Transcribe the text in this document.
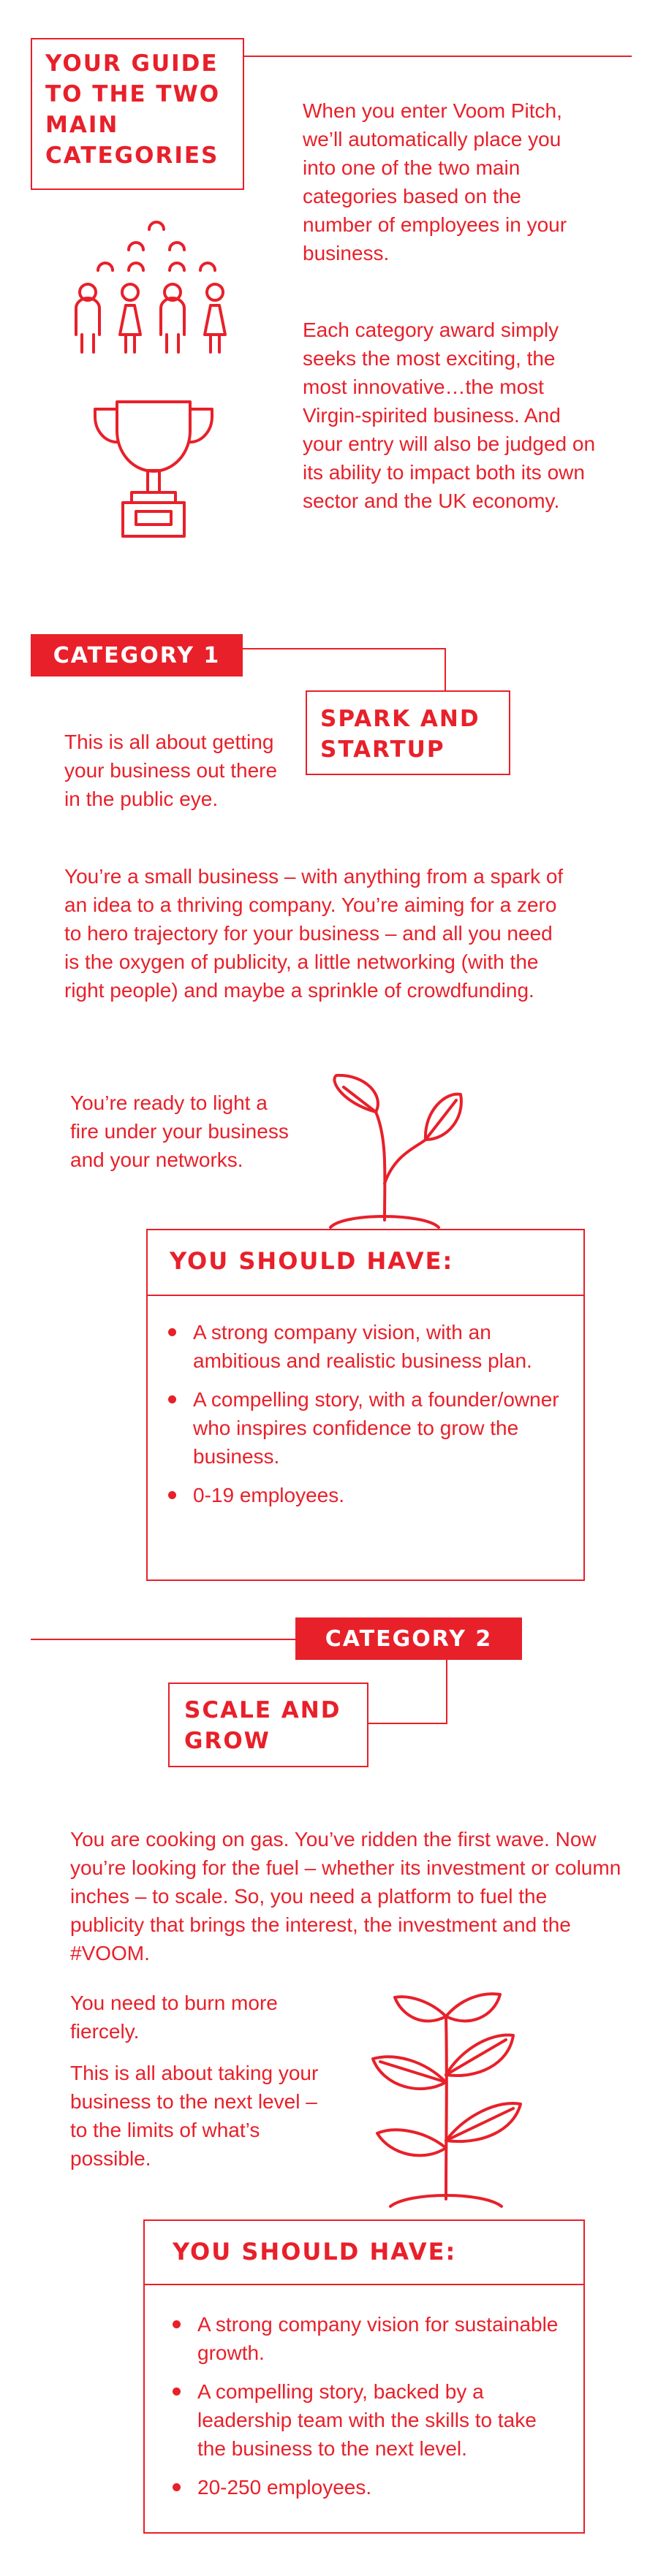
YOUR GUIDE TO THE TWO MAIN CATEGORIES

When you enter Voom Pitch, we’ll automatically place you into one of the two main categories based on the number of employees in your business.

Each category award simply seeks the most exciting, the most innovative…the most Virgin-spirited business. And your entry will also be judged on its ability to impact both its own sector and the UK economy.

CATEGORY 1
SPARK AND STARTUP

This is all about getting your business out there in the public eye.

You’re a small business – with anything from a spark of an idea to a thriving company. You’re aiming for a zero to hero trajectory for your business – and all you need is the oxygen of publicity, a little networking (with the right people) and maybe a sprinkle of crowdfunding.

You’re ready to light a fire under your business and your networks.

YOU SHOULD HAVE:
A strong company vision, with an ambitious and realistic business plan.
A compelling story, with a founder/owner who inspires confidence to grow the business.
0-19 employees.
CATEGORY 2
SCALE AND GROW

You are cooking on gas. You’ve ridden the first wave. Now you’re looking for the fuel – whether its investment or column inches – to scale. So, you need a platform to fuel the publicity that brings the interest, the investment and the #VOOM.

You need to burn more fiercely.

This is all about taking your business to the next level – to the limits of what’s possible.

YOU SHOULD HAVE:
A strong company vision for sustainable growth.
A compelling story, backed by a leadership team with the skills to take the business to the next level.
20-250 employees.
